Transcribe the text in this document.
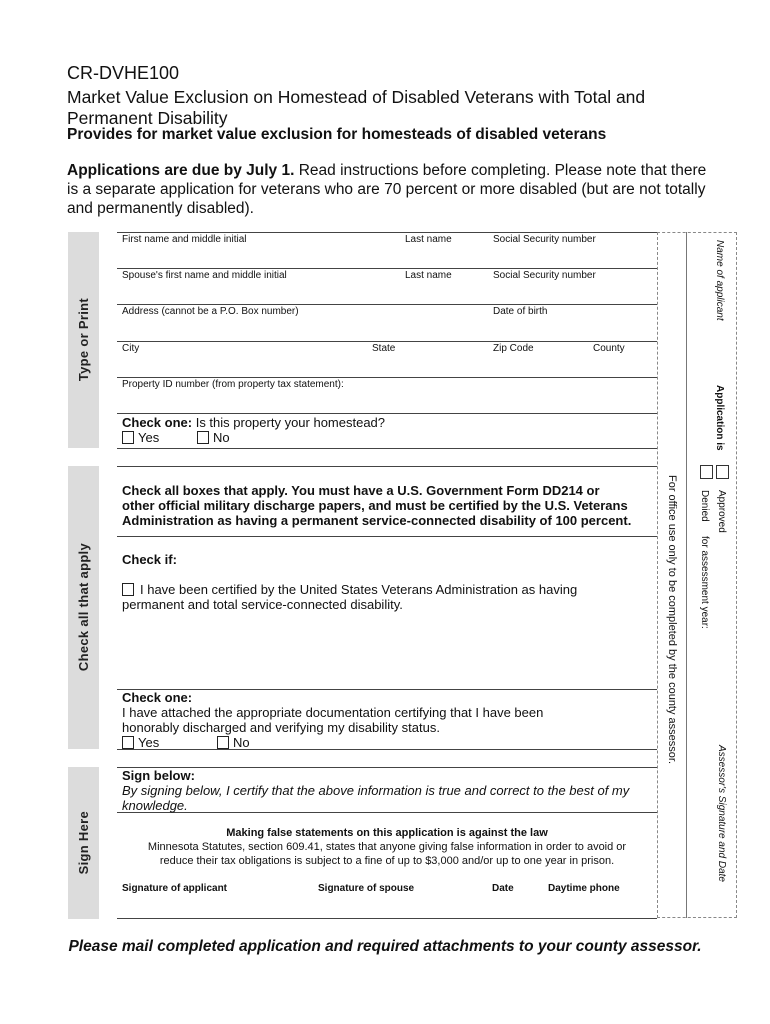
CR-DVHE100
Market Value Exclusion on Homestead of Disabled Veterans with Total and Permanent Disability
Provides for market value exclusion for homesteads of disabled veterans
Applications are due by July 1. Read instructions before completing. Please note that there is a separate application for veterans who are 70 percent or more disabled (but are not totally and permanently disabled).
Type or Print
Check all that apply
Sign Here
First name and middle initial	Last name	Social Security number
Spouse's first name and middle initial	Last name	Social Security number
Address (cannot be a P.O. Box number)	Date of birth
City	State	Zip Code	County
Property ID number (from property tax statement):
Check one: Is this property your homestead?
Yes	No
Check all boxes that apply. You must have a U.S. Government Form DD214 or other official military discharge papers, and must be certified by the U.S. Veterans Administration as having a permanent service-connected disability of 100 percent.
Check if:
I have been certified by the United States Veterans Administration as having permanent and total service-connected disability.
Check one:
I have attached the appropriate documentation certifying that I have been honorably discharged and verifying my disability status.
Yes	No
Sign below:
By signing below, I certify that the above information is true and correct to the best of my knowledge.
Making false statements on this application is against the law
Minnesota Statutes, section 609.41, states that anyone giving false information in order to avoid or reduce their tax obligations is subject to a fine of up to $3,000 and/or up to one year in prison.
Signature of applicant	Signature of spouse	Date	Daytime phone
For office use only to be completed by the county assessor.
Name of applicant
Application is
Approved
Denied
for assessment year:
Assessor's Signature and Date
Please mail completed application and required attachments to your county assessor.
